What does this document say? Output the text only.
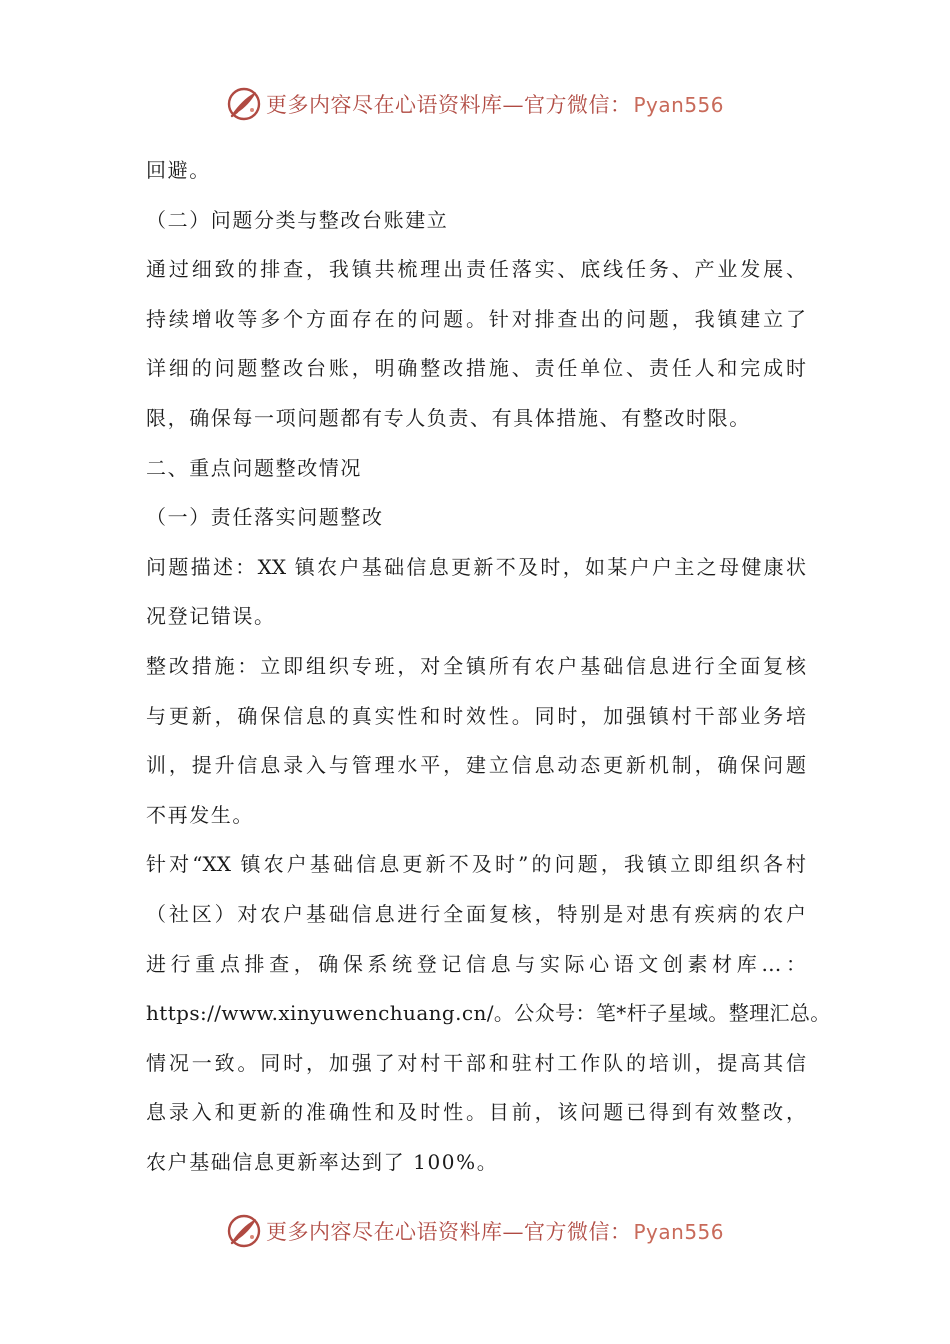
更多内容尽在心语资料库—官方微信： Pyan556
回避。
（二）问题分类与整改台账建立
通过细致的排查，我镇共梳理出责任落实、底线任务、产业发展、
持续增收等多个方面存在的问题。针对排查出的问题，我镇建立了
详细的问题整改台账，明确整改措施、责任单位、责任人和完成时
限，确保每一项问题都有专人负责、有具体措施、有整改时限。
二、重点问题整改情况
（一）责任落实问题整改
问题描述：XX 镇农户基础信息更新不及时，如某户户主之母健康状
况登记错误。
整改措施：立即组织专班，对全镇所有农户基础信息进行全面复核
与更新，确保信息的真实性和时效性。同时，加强镇村干部业务培
训，提升信息录入与管理水平，建立信息动态更新机制，确保问题
不再发生。
针对“XX 镇农户基础信息更新不及时”的问题，我镇立即组织各村
（社区）对农户基础信息进行全面复核，特别是对患有疾病的农户
进行重点排查，确保系统登记信息与实际心语文创素材库…：
https://www.xinyuwenchuang.cn/。公众号：笔*杆子星域。整理汇总。
情况一致。同时，加强了对村干部和驻村工作队的培训，提高其信
息录入和更新的准确性和及时性。目前，该问题已得到有效整改，
农户基础信息更新率达到了 100%。
更多内容尽在心语资料库—官方微信： Pyan556
